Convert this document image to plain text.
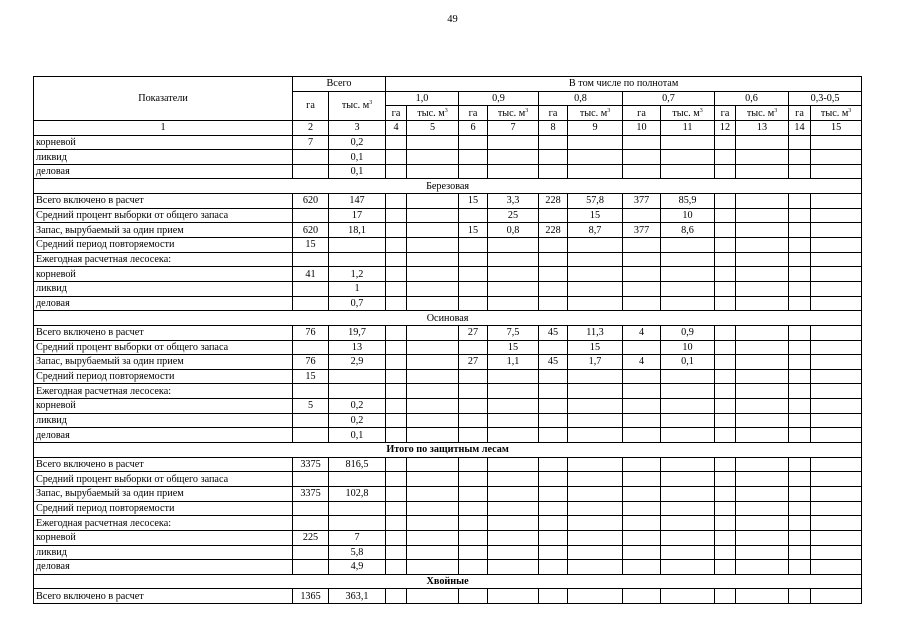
49
Показатели	Всего		В том числе по полнотам											
	га	тыс. $м^3$	1,0		0,9		0,8		0,7		0,6		0,3-0,5	
			га	тыс. $м^3$	га	тыс. $м^3$	га	тыс. $м^3$	га	тыс. $м^3$	га	тыс. $м^3$	га	тыс. $м^3$
1	2	3	4	5	6	7	8	9	10	11	12	13	14	15
корневой	7	0,2												
ликвид		0,1												
деловая		0,1												
Березовая														
Всего включено в расчет	620	147			15	3,3	228	57,8	377	85,9				
Средний процент выборки от общего запаса		17				25		15		10				
Запас, вырубаемый за один прием	620	18,1			15	0,8	228	8,7	377	8,6				
Средний период повторяемости	15													
Ежегодная расчетная лесосека:														
корневой	41	1,2												
ликвид		1												
деловая		0,7												
Осиновая														
Всего включено в расчет	76	19,7			27	7,5	45	11,3	4	0,9				
Средний процент выборки от общего запаса		13				15		15		10				
Запас, вырубаемый за один прием	76	2,9			27	1,1	45	1,7	4	0,1				
Средний период повторяемости	15													
Ежегодная расчетная лесосека:														
корневой	5	0,2												
ликвид		0,2												
деловая		0,1												
Итого по защитным лесам														
Всего включено в расчет	3375	816,5												
Средний процент выборки от общего запаса														
Запас, вырубаемый за один прием	3375	102,8												
Средний период повторяемости														
Ежегодная расчетная лесосека:														
корневой	225	7												
ликвид		5,8												
деловая		4,9												
Хвойные														
Всего включено в расчет	1365	363,1												
